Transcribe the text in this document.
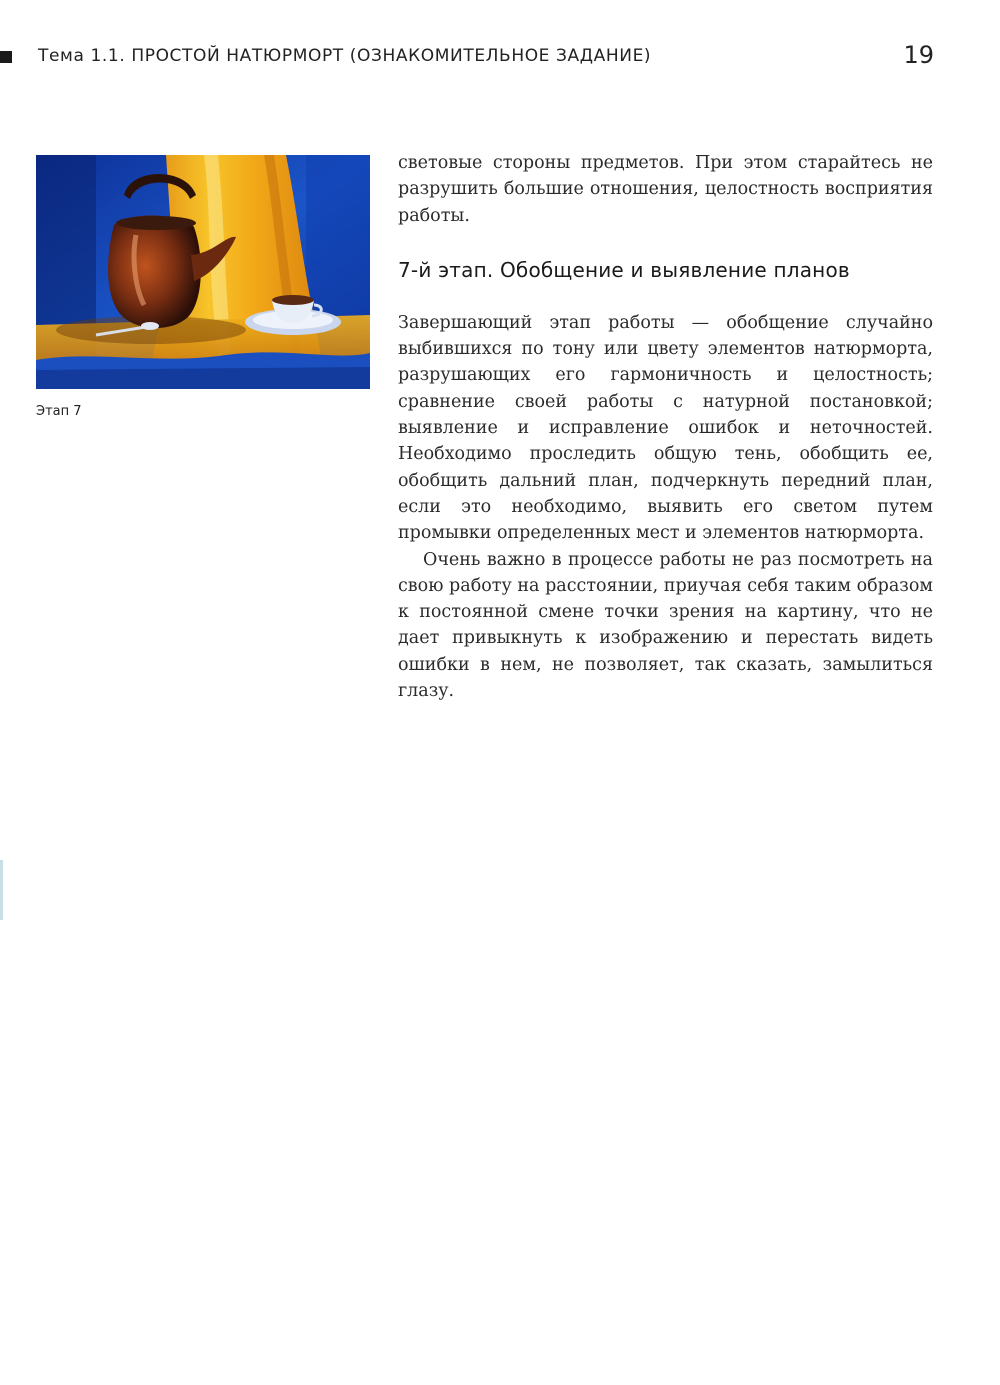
Тема 1.1. ПРОСТОЙ НАТЮРМОРТ (ОЗНАКОМИТЕЛЬНОЕ ЗАДАНИЕ)	19
Этап 7

световые стороны предметов. При этом старайтесь не разрушить большие отношения, целостность восприятия работы.

7-й этап. Обобщение и выявление планов

Завершающий этап работы — обобщение случайно выбившихся по тону или цвету элементов натюрморта, разрушающих его гармоничность и целостность; сравнение своей работы с натурной постановкой; выявление и исправление ошибок и неточностей. Необходимо проследить общую тень, обобщить ее, обобщить дальний план, подчеркнуть передний план, если это необходимо, выявить его светом путем промывки определенных мест и элементов натюрморта.

Очень важно в процессе работы не раз посмотреть на свою работу на расстоянии, приучая себя таким образом к постоянной смене точки зрения на картину, что не дает привыкнуть к изображению и перестать видеть ошибки в нем, не позволяет, так сказать, замылиться глазу.
